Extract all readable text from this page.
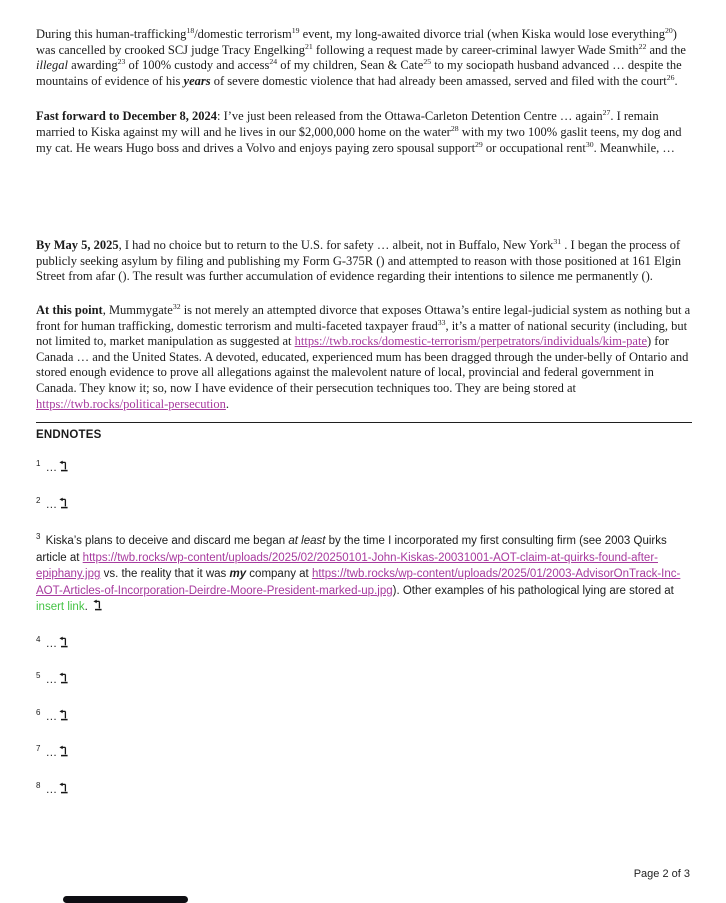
During this human-trafficking$^{18}$/domestic terrorism$^{19}$ event, my long-awaited divorce trial (when Kiska would lose everything$^{20}$) was cancelled by crooked SCJ judge Tracy Engelking$^{21}$ following a request made by career-criminal lawyer Wade Smith$^{22}$ and the illegal awarding$^{23}$ of 100% custody and access$^{24}$ of my children, Sean & Cate$^{25}$ to my sociopath husband advanced … despite the mountains of evidence of his years of severe domestic violence that had already been amassed, served and filed with the court$^{26}$.

Fast forward to December 8, 2024: I’ve just been released from the Ottawa-Carleton Detention Centre … again$^{27}$. I remain married to Kiska against my will and he lives in our $2,000,000 home on the water$^{28}$ with my two 100% gaslit teens, my dog and my cat. He wears Hugo boss and drives a Volvo and enjoys paying zero spousal support$^{29}$ or occupational rent$^{30}$. Meanwhile, …

By May 5, 2025, I had no choice but to return to the U.S. for safety … albeit, not in Buffalo, New York$^{31}$ . I began the process of publicly seeking asylum by filing and publishing my Form G-375R () and attempted to reason with those positioned at 161 Elgin Street from afar (). The result was further accumulation of evidence regarding their intentions to silence me permanently ().

At this point, Mummygate$^{32}$ is not merely an attempted divorce that exposes Ottawa’s entire legal-judicial system as nothing but a front for human trafficking, domestic terrorism and multi-faceted taxpayer fraud$^{33}$, it’s a matter of national security (including, but not limited to, market manipulation as suggested at https://twb.rocks/domestic-terrorism/perpetrators/individuals/kim-pate) for Canada … and the United States. A devoted, educated, experienced mum has been dragged through the under-belly of Ontario and stored enough evidence to prove all allegations against the malevolent nature of local, provincial and federal government in Canada. They know it; so, now I have evidence of their persecution techniques too. They are being stored at https://twb.rocks/political-persecution.

ENDNOTES
$^1$ …
$^2$ …
$^3$ Kiska’s plans to deceive and discard me began at least by the time I incorporated my first consulting firm (see 2003 Quirks article at https://twb.rocks/wp-content/uploads/2025/02/20250101-John-Kiskas-20031001-AOT-claim-at-quirks-found-after-epiphany.jpg vs. the reality that it was my company at https://twb.rocks/wp-content/uploads/2025/01/2003-AdvisorOnTrack-Inc-AOT-Articles-of-Incorporation-Deirdre-Moore-President-marked-up.jpg). Other examples of his pathological lying are stored at insert link.
$^4$ …
$^5$ …
$^6$ …
$^7$ …
$^8$ …
Page 2 of 3
